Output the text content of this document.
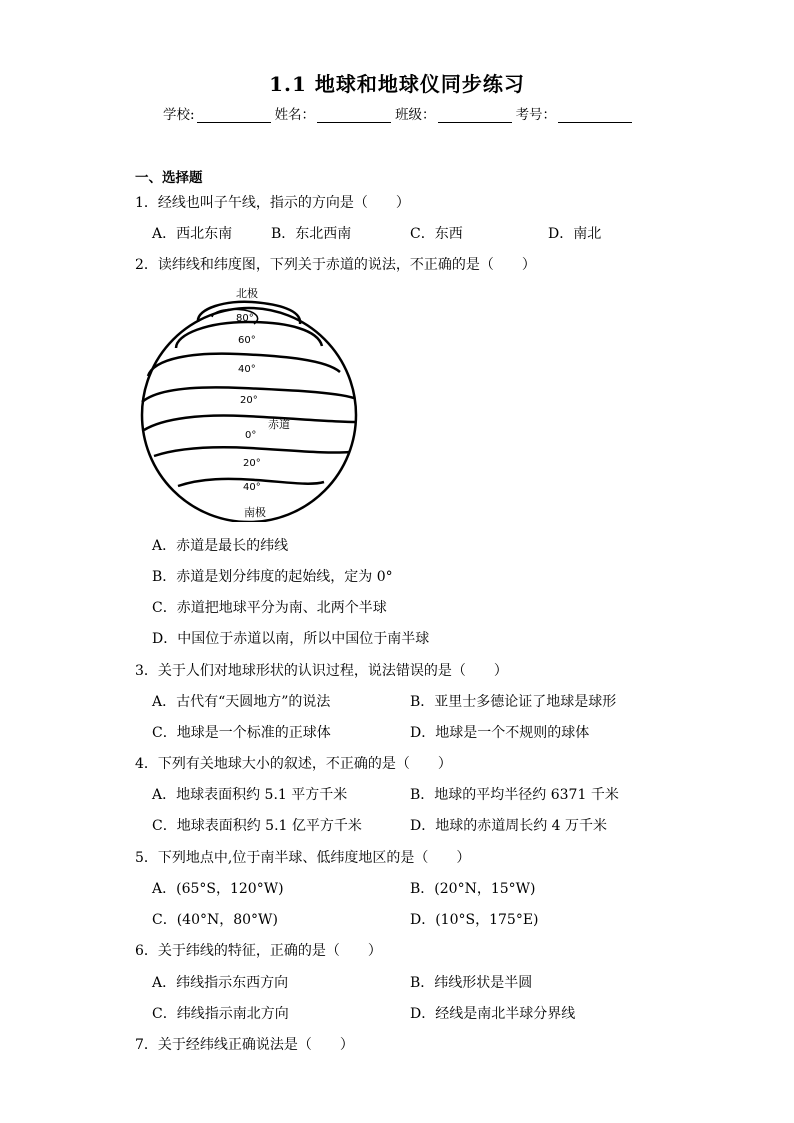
1.1 地球和地球仪同步练习
学校:	姓名：	班级：	考号：
一、选择题
1．经线也叫子午线，指示的方向是（　　）
A．西北东南	B．东北西南	C．东西	D．南北
2．读纬线和纬度图，下列关于赤道的说法，不正确的是（　　）
北极
80°
60°
40°
20°
赤道
0°
20°
40°
南极
A．赤道是最长的纬线
B．赤道是划分纬度的起始线，定为 0°
C．赤道把地球平分为南、北两个半球
D．中国位于赤道以南，所以中国位于南半球
3．关于人们对地球形状的认识过程，说法错误的是（　　）
A．古代有“天圆地方”的说法	B．亚里士多德论证了地球是球形
C．地球是一个标准的正球体	D．地球是一个不规则的球体
4．下列有关地球大小的叙述，不正确的是（　　）
A．地球表面积约 5.1 平方千米	B．地球的平均半径约 6371 千米
C．地球表面积约 5.1 亿平方千米	D．地球的赤道周长约 4 万千米
5．下列地点中,位于南半球、低纬度地区的是（　　）
A．(65°S，120°W)	B．(20°N，15°W)
C．(40°N，80°W)	D．(10°S，175°E)
6．关于纬线的特征，正确的是（　　）
A．纬线指示东西方向	B．纬线形状是半圆
C．纬线指示南北方向	D．经线是南北半球分界线
7．关于经纬线正确说法是（　　）
